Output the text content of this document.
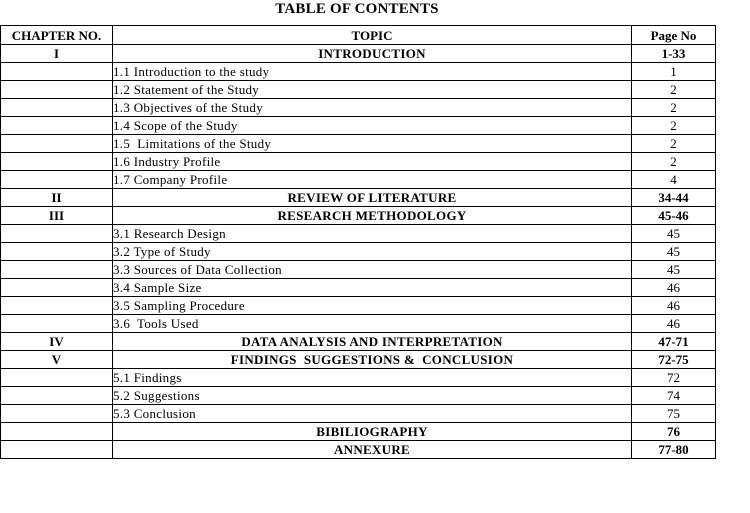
TABLE OF CONTENTS
CHAPTER NO.	TOPIC	Page No
I	INTRODUCTION	1-33
	1.1 Introduction to the study	1
	1.2 Statement of the Study	2
	1.3 Objectives of the Study	2
	1.4 Scope of the Study	2
	1.5  Limitations of the Study	2
	1.6 Industry Profile	2
	1.7 Company Profile	4
II	REVIEW OF LITERATURE	34-44
III	RESEARCH METHODOLOGY	45-46
	3.1 Research Design	45
	3.2 Type of Study	45
	3.3 Sources of Data Collection	45
	3.4 Sample Size	46
	3.5 Sampling Procedure	46
	3.6  Tools Used	46
IV	DATA ANALYSIS AND INTERPRETATION	47-71
V	FINDINGS  SUGGESTIONS &  CONCLUSION	72-75
	5.1 Findings	72
	5.2 Suggestions	74
	5.3 Conclusion	75
	BIBILIOGRAPHY	76
	ANNEXURE	77-80
